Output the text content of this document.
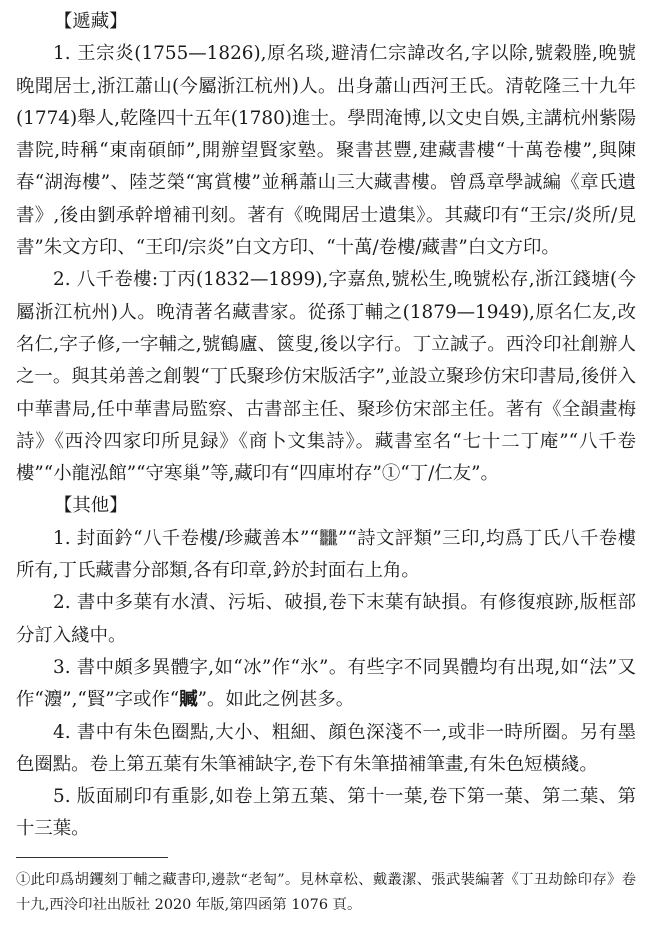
【遞藏】

1. 王宗炎(1755—1826),原名琰,避清仁宗諱改名,字以除,號穀塍,晚號晚聞居士,浙江蕭山(今屬浙江杭州)人。出身蕭山西河王氏。清乾隆三十九年(1774)舉人,乾隆四十五年(1780)進士。學問淹博,以文史自娛,主講杭州紫陽書院,時稱“東南碩師”,開辦望賢家塾。聚書甚豐,建藏書樓“十萬卷樓”,與陳春“湖海樓”、陸芝榮“寓賞樓”並稱蕭山三大藏書樓。曾爲章學誠編《章氏遺書》,後由劉承幹增補刊刻。著有《晚聞居士遺集》。其藏印有“王宗/炎所/見書”朱文方印、“王印/宗炎”白文方印、“十萬/卷樓/藏書”白文方印。

2. 八千卷樓:丁丙(1832—1899),字嘉魚,號松生,晚號松存,浙江錢塘(今屬浙江杭州)人。晚清著名藏書家。從孫丁輔之(1879—1949),原名仁友,改名仁,字子修,一字輔之,號鶴廬、篋叟,後以字行。丁立誠子。西泠印社創辦人之一。與其弟善之創製“丁氏聚珍仿宋版活字”,並設立聚珍仿宋印書局,後併入中華書局,任中華書局監察、古書部主任、聚珍仿宋部主任。著有《全韻畫梅詩》《西泠四家印所見録》《商卜文集詩》。藏書室名“七十二丁庵”“八千卷樓”“小龍泓館”“守寒巢”等,藏印有“四庫坿存”①“丁/仁友”。

【其他】

1. 封面鈐“八千卷樓/珍藏善本”“𪚥”“詩文評類”三印,均爲丁氏八千卷樓所有,丁氏藏書分部類,各有印章,鈐於封面右上角。

2. 書中多葉有水漬、污垢、破損,卷下末葉有缺損。有修復痕跡,版框部分訂入綫中。

3. 書中頗多異體字,如“冰”作“氷”。有些字不同異體均有出現,如“法”又作“灋”,“賢”字或作“𧷢”。如此之例甚多。

4. 書中有朱色圈點,大小、粗細、顔色深淺不一,或非一時所圈。另有墨色圈點。卷上第五葉有朱筆補缺字,卷下有朱筆描補筆畫,有朱色短橫綫。

5. 版面刷印有重影,如卷上第五葉、第十一葉,卷下第一葉、第二葉、第十三葉。

①此印爲胡钁刻丁輔之藏書印,邊款“老匋”。見林章松、戴叢潔、張武裝編著《丁丑劫餘印存》卷十九,西泠印社出版社 2020 年版,第四函第 1076 頁。
